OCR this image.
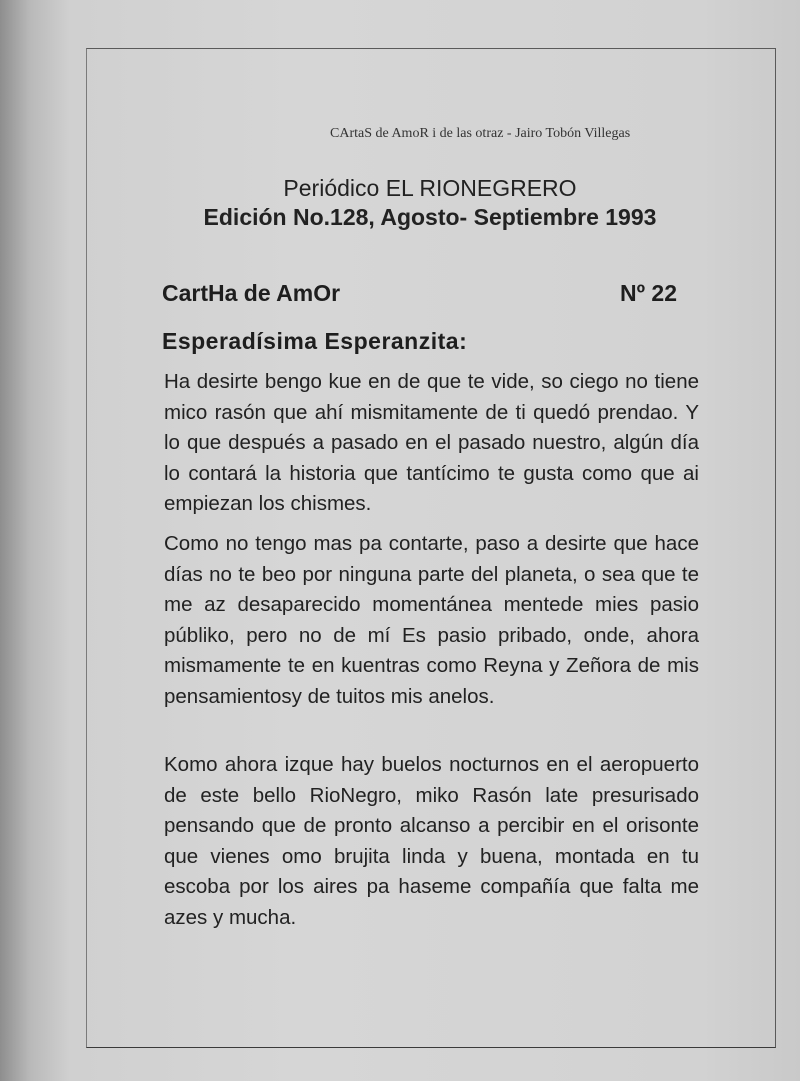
CArtaS de AmoR i de las otraz - Jairo Tobón Villegas
Periódico EL RIONEGRERO
Edición No.128, Agosto- Septiembre 1993
CartHa de AmOr	Nº 22
Esperadísima Esperanzita:

Ha desirte bengo kue en de que te vide, so ciego no tiene mico rasón que ahí mismitamente de ti quedó prendao. Y lo que después a pasado en el pasado nuestro, algún día lo contará la historia que tantícimo te gusta como que ai empiezan los chismes.

Como no tengo mas pa contarte, paso a desirte que hace días no te beo por ninguna parte del planeta, o sea que te me az desaparecido momentánea mentede mies pasio públiko, pero no de mí Es pasio pribado, onde, ahora mismamente te en kuentras como Reyna y Zeñora de mis pensamientosy de tuitos mis anelos.

Komo ahora izque hay buelos nocturnos en el aeropuerto de este bello RioNegro, miko Rasón late presurisado pensando que de pronto alcanso a percibir en el orisonte que vienes omo brujita linda y buena, montada en tu escoba por los aires pa haseme compañía que falta me azes y mucha.
